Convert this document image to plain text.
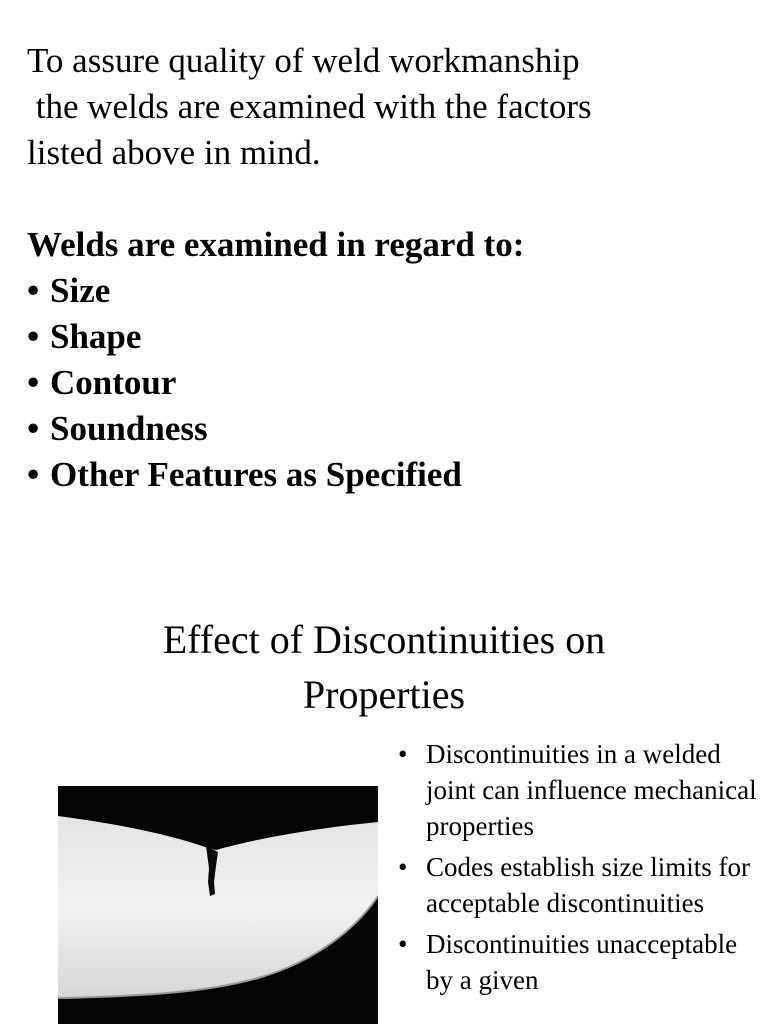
To assure quality of weld workmanship
the welds are examined with the factors
listed above in mind.
Welds are examined in regard to:
• Size
• Shape
• Contour
• Soundness
• Other Features as Specified
Effect of Discontinuities on
Properties
• Discontinuities in a welded joint can influence mechanical properties
• Codes establish size limits for acceptable discontinuities
• Discontinuities unacceptable by a given
